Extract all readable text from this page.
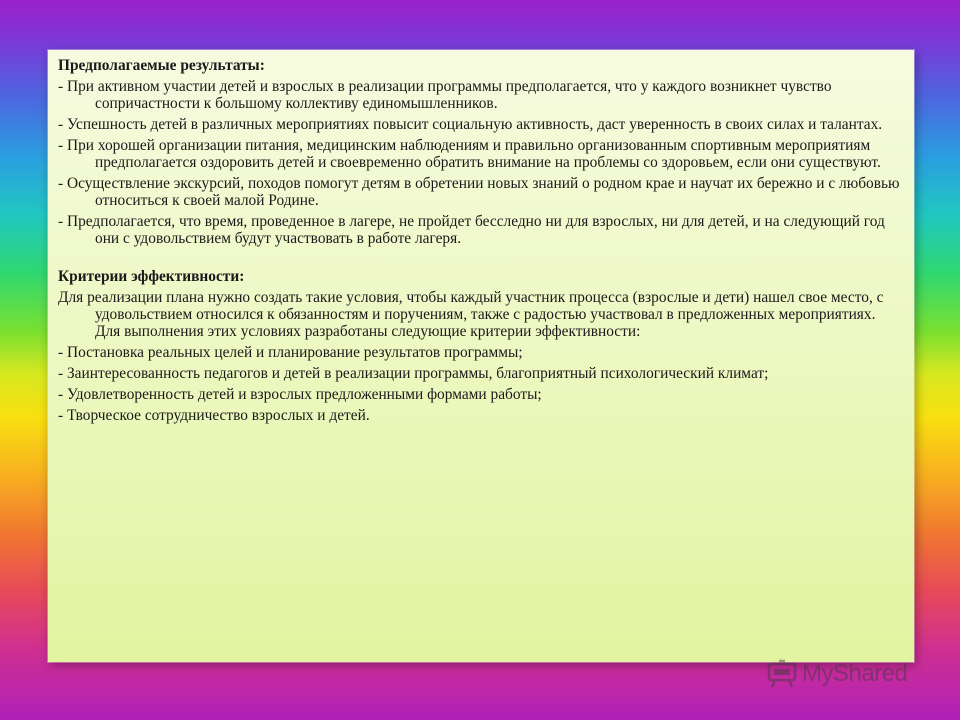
Предполагаемые результаты:
- При активном участии детей и взрослых в реализации программы предполагается, что у каждого возникнет чувство сопричастности к большому коллективу единомышленников.
- Успешность детей в различных мероприятиях повысит социальную активность, даст уверенность в своих силах и талантах.
- При хорошей организации питания, медицинским наблюдениям и правильно организованным спортивным мероприятиям предполагается оздоровить детей и своевременно обратить внимание на проблемы со здоровьем, если они существуют.
- Осуществление экскурсий, походов помогут детям в обретении новых знаний о родном крае и научат их бережно и с любовью относиться к своей малой Родине.
- Предполагается, что время, проведенное в лагере, не пройдет бесследно ни для взрослых, ни для детей, и на следующий год они с удовольствием будут участвовать в работе лагеря.
Критерии эффективности:
Для реализации плана нужно создать такие условия, чтобы каждый участник процесса (взрослые и дети) нашел свое место, с удовольствием относился к обязанностям и поручениям, также с радостью участвовал в предложенных мероприятиях. Для выполнения этих условиях разработаны следующие критерии эффективности:
- Постановка реальных целей и планирование результатов программы;
- Заинтересованность педагогов и детей в реализации программы, благоприятный психологический климат;
- Удовлетворенность детей и взрослых предложенными формами работы;
- Творческое сотрудничество взрослых и детей.
MyShared
